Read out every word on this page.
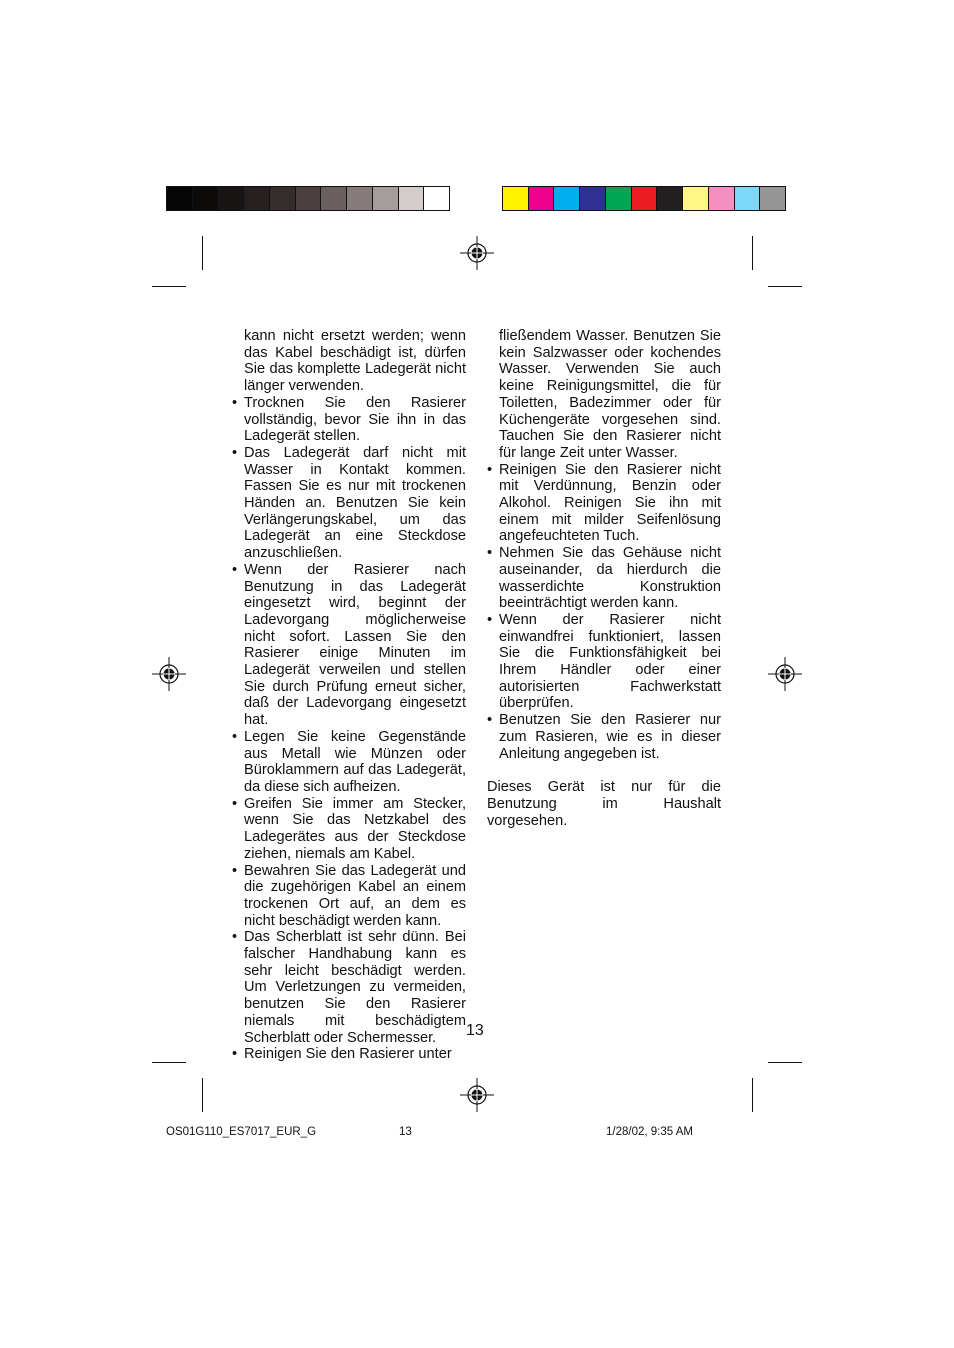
kann nicht ersetzt werden; wenn das Kabel beschädigt ist, dürfen Sie das komplette Ladegerät nicht länger verwenden.

• Trocknen Sie den Rasierer vollständig, bevor Sie ihn in das Ladegerät stellen.
• Das Ladegerät darf nicht mit Wasser in Kontakt kommen. Fassen Sie es nur mit trockenen Händen an. Benutzen Sie kein Verlängerungskabel, um das Ladegerät an eine Steckdose anzuschließen.
• Wenn der Rasierer nach Benutzung in das Ladegerät eingesetzt wird, beginnt der Ladevorgang möglicherweise nicht sofort. Lassen Sie den Rasierer einige Minuten im Ladegerät verweilen und stellen Sie durch Prüfung erneut sicher, daß der Ladevorgang eingesetzt hat.
• Legen Sie keine Gegenstände aus Metall wie Münzen oder Büroklammern auf das Ladegerät, da diese sich aufheizen.
• Greifen Sie immer am Stecker, wenn Sie das Netzkabel des Ladegerätes aus der Steckdose ziehen, niemals am Kabel.
• Bewahren Sie das Ladegerät und die zugehörigen Kabel an einem trockenen Ort auf, an dem es nicht beschädigt werden kann.
• Das Scherblatt ist sehr dünn. Bei falscher Handhabung kann es sehr leicht beschädigt werden. Um Verletzungen zu vermeiden, benutzen Sie den Rasierer niemals mit beschädigtem Scherblatt oder Schermesser.
• Reinigen Sie den Rasierer unter

fließendem Wasser. Benutzen Sie kein Salzwasser oder kochendes Wasser. Verwenden Sie auch keine Reinigungsmittel, die für Toiletten, Badezimmer oder für Küchengeräte vorgesehen sind. Tauchen Sie den Rasierer nicht für lange Zeit unter Wasser.

• Reinigen Sie den Rasierer nicht mit Verdünnung, Benzin oder Alkohol. Reinigen Sie ihn mit einem mit milder Seifenlösung angefeuchteten Tuch.
• Nehmen Sie das Gehäuse nicht auseinander, da hierdurch die wasserdichte Konstruktion beeinträchtigt werden kann.
• Wenn der Rasierer nicht einwandfrei funktioniert, lassen Sie die Funktionsfähigkeit bei Ihrem Händler oder einer autorisierten Fachwerkstatt überprüfen.
• Benutzen Sie den Rasierer nur zum Rasieren, wie es in dieser Anleitung angegeben ist.

Dieses Gerät ist nur für die Benutzung im Haushalt vorgesehen.

13
OS01G110_ES7017_EUR_G	13	1/28/02, 9:35 AM
